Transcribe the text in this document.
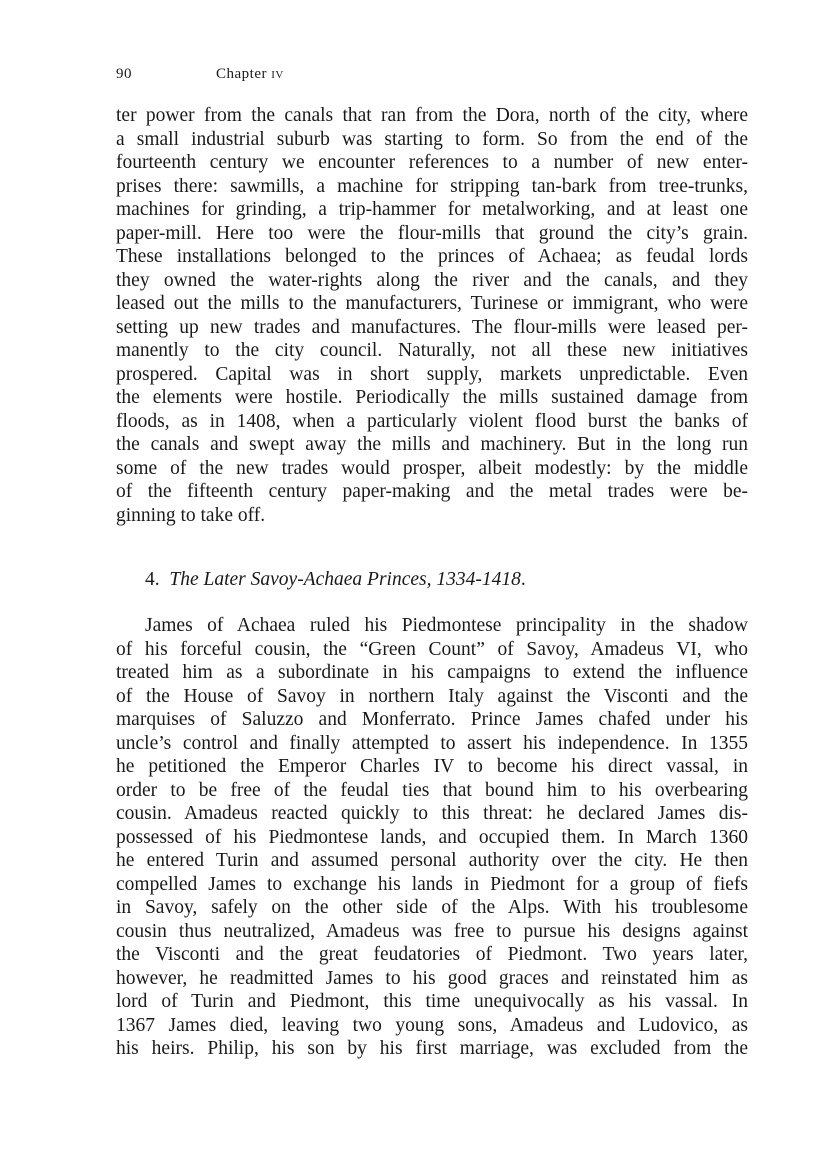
90	Chapter iv
ter power from the canals that ran from the Dora, north of the city, where
a small industrial suburb was starting to form. So from the end of the
fourteenth century we encounter references to a number of new enter-
prises there: sawmills, a machine for stripping tan-bark from tree-trunks,
machines for grinding, a trip-hammer for metalworking, and at least one
paper-mill. Here too were the flour-mills that ground the city’s grain.
These installations belonged to the princes of Achaea; as feudal lords
they owned the water-rights along the river and the canals, and they
leased out the mills to the manufacturers, Turinese or immigrant, who were
setting up new trades and manufactures. The flour-mills were leased per-
manently to the city council. Naturally, not all these new initiatives
prospered. Capital was in short supply, markets unpredictable. Even
the elements were hostile. Periodically the mills sustained damage from
floods, as in 1408, when a particularly violent flood burst the banks of
the canals and swept away the mills and machinery. But in the long run
some of the new trades would prosper, albeit modestly: by the middle
of the fifteenth century paper-making and the metal trades were be-
ginning to take off.
4. The Later Savoy-Achaea Princes, 1334-1418.
James of Achaea ruled his Piedmontese principality in the shadow
of his forceful cousin, the “Green Count” of Savoy, Amadeus VI, who
treated him as a subordinate in his campaigns to extend the influence
of the House of Savoy in northern Italy against the Visconti and the
marquises of Saluzzo and Monferrato. Prince James chafed under his
uncle’s control and finally attempted to assert his independence. In 1355
he petitioned the Emperor Charles IV to become his direct vassal, in
order to be free of the feudal ties that bound him to his overbearing
cousin. Amadeus reacted quickly to this threat: he declared James dis-
possessed of his Piedmontese lands, and occupied them. In March 1360
he entered Turin and assumed personal authority over the city. He then
compelled James to exchange his lands in Piedmont for a group of fiefs
in Savoy, safely on the other side of the Alps. With his troublesome
cousin thus neutralized, Amadeus was free to pursue his designs against
the Visconti and the great feudatories of Piedmont. Two years later,
however, he readmitted James to his good graces and reinstated him as
lord of Turin and Piedmont, this time unequivocally as his vassal. In
1367 James died, leaving two young sons, Amadeus and Ludovico, as
his heirs. Philip, his son by his first marriage, was excluded from the
